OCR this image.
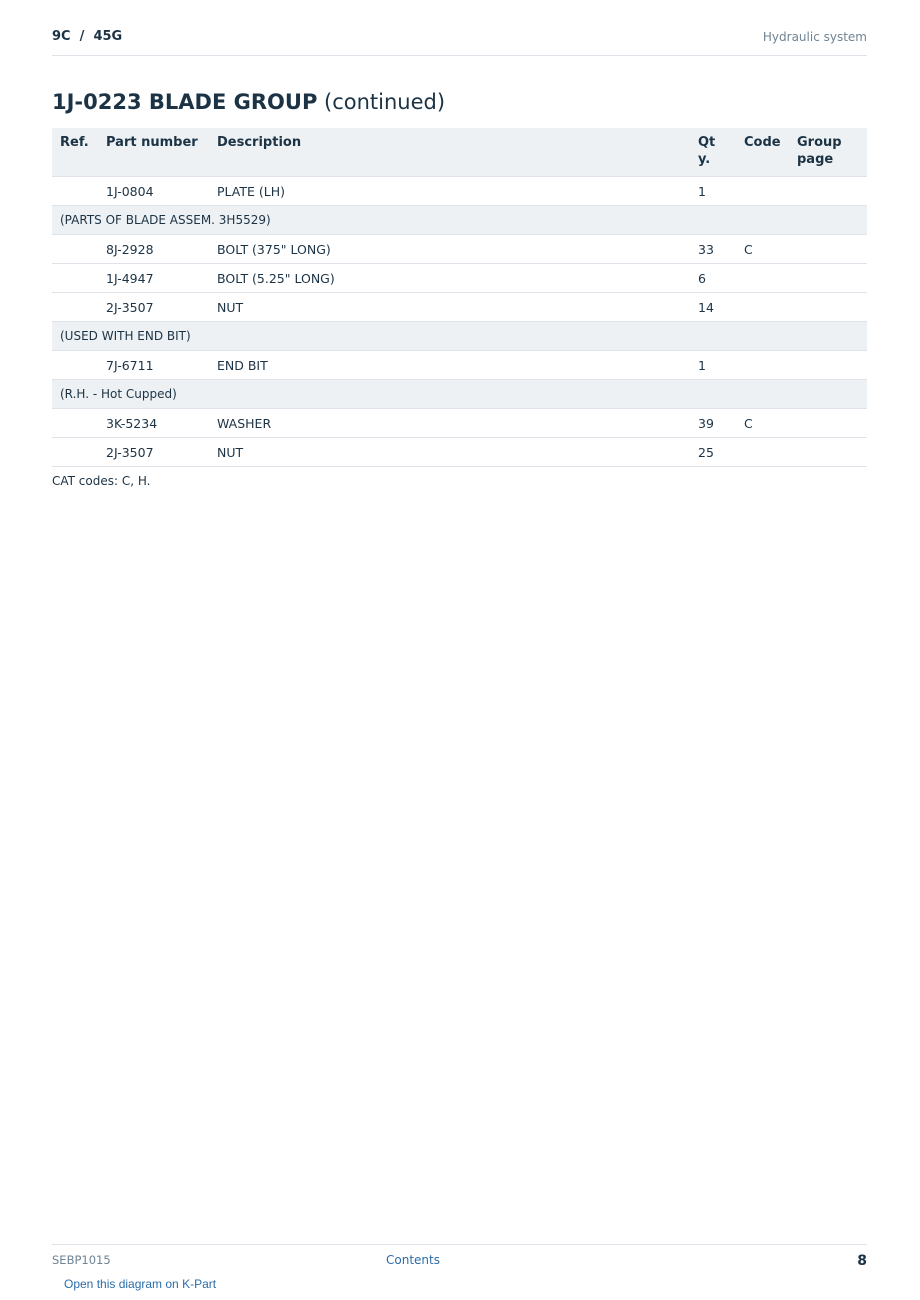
9C  /  45G	Hydraulic system
1J-0223 BLADE GROUP (continued)
Ref.	Part number	Description	Qty.	Code	Group page
	1J-0804	PLATE (LH)	1		
(PARTS OF BLADE ASSEM. 3H5529)					
	8J-2928	BOLT (375" LONG)	33	C	
	1J-4947	BOLT (5.25" LONG)	6		
	2J-3507	NUT	14		
(USED WITH END BIT)					
	7J-6711	END BIT	1		
(R.H. - Hot Cupped)					
	3K-5234	WASHER	39	C	
	2J-3507	NUT	25		
CAT codes: C, H.
SEBP1015	Contents	8
Open this diagram on K-Part
